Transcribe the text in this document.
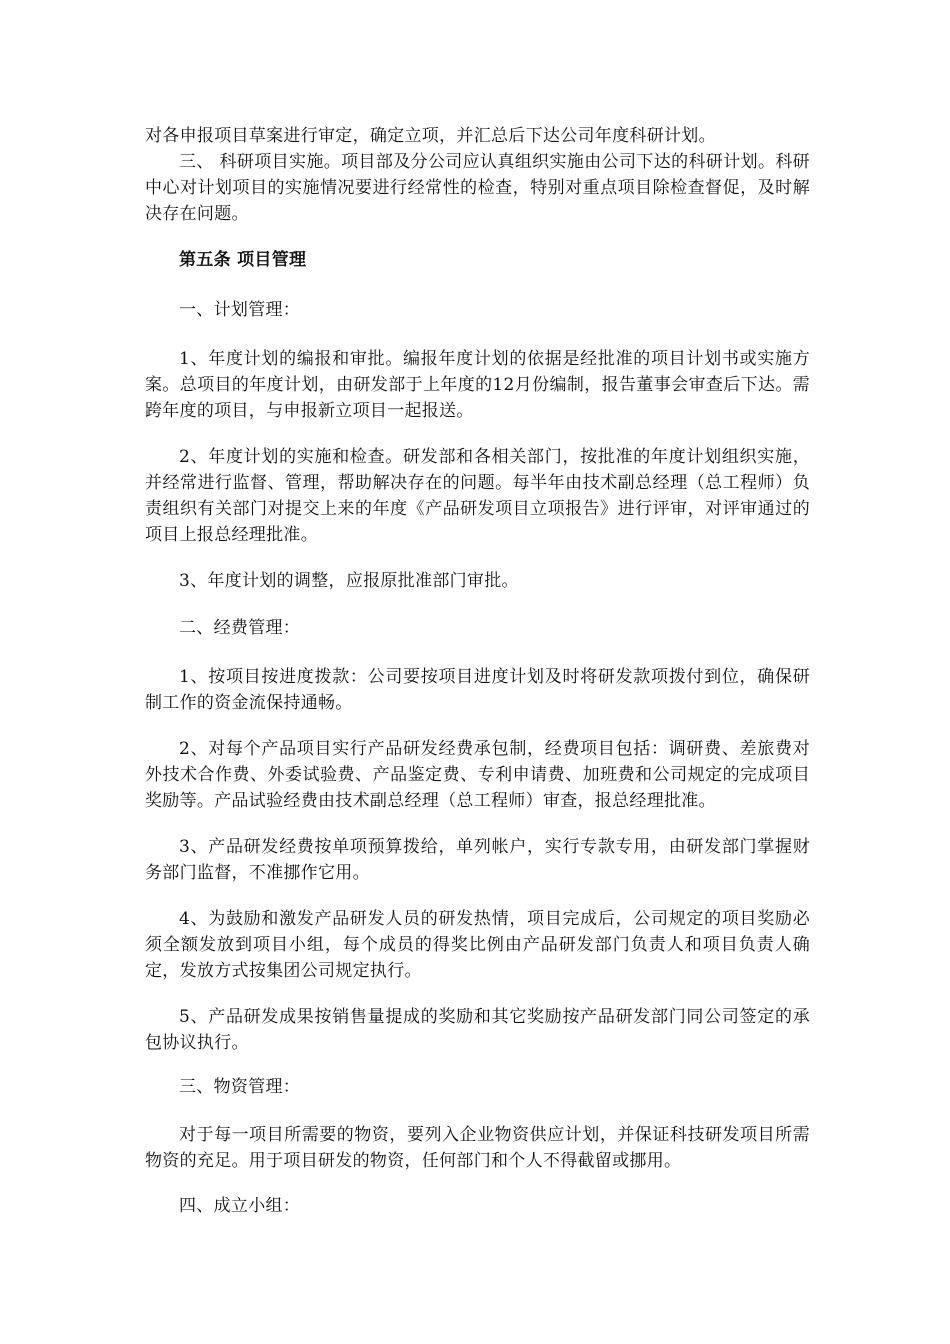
对各申报项目草案进行审定，确定立项，并汇总后下达公司年度科研计划。

三、 科研项目实施。项目部及分公司应认真组织实施由公司下达的科研计划。科研中心对计划项目的实施情况要进行经常性的检查，特别对重点项目除检查督促，及时解决存在问题。

第五条 项目管理

一、计划管理：

1、年度计划的编报和审批。编报年度计划的依据是经批准的项目计划书或实施方案。总项目的年度计划，由研发部于上年度的12月份编制，报告董事会审查后下达。需跨年度的项目，与申报新立项目一起报送。

2、年度计划的实施和检查。研发部和各相关部门，按批准的年度计划组织实施，并经常进行监督、管理，帮助解决存在的问题。每半年由技术副总经理（总工程师）负责组织有关部门对提交上来的年度《产品研发项目立项报告》进行评审，对评审通过的项目上报总经理批准。

3、年度计划的调整，应报原批准部门审批。

二、经费管理：

1、按项目按进度拨款：公司要按项目进度计划及时将研发款项拨付到位，确保研制工作的资金流保持通畅。

2、对每个产品项目实行产品研发经费承包制，经费项目包括：调研费、差旅费对外技术合作费、外委试验费、产品鉴定费、专利申请费、加班费和公司规定的完成项目奖励等。产品试验经费由技术副总经理（总工程师）审查，报总经理批准。

3、产品研发经费按单项预算拨给，单列帐户，实行专款专用，由研发部门掌握财务部门监督，不准挪作它用。

4、为鼓励和激发产品研发人员的研发热情，项目完成后，公司规定的项目奖励必须全额发放到项目小组，每个成员的得奖比例由产品研发部门负责人和项目负责人确定，发放方式按集团公司规定执行。

5、产品研发成果按销售量提成的奖励和其它奖励按产品研发部门同公司签定的承包协议执行。

三、物资管理：

对于每一项目所需要的物资，要列入企业物资供应计划，并保证科技研发项目所需物资的充足。用于项目研发的物资，任何部门和个人不得截留或挪用。

四、成立小组：
